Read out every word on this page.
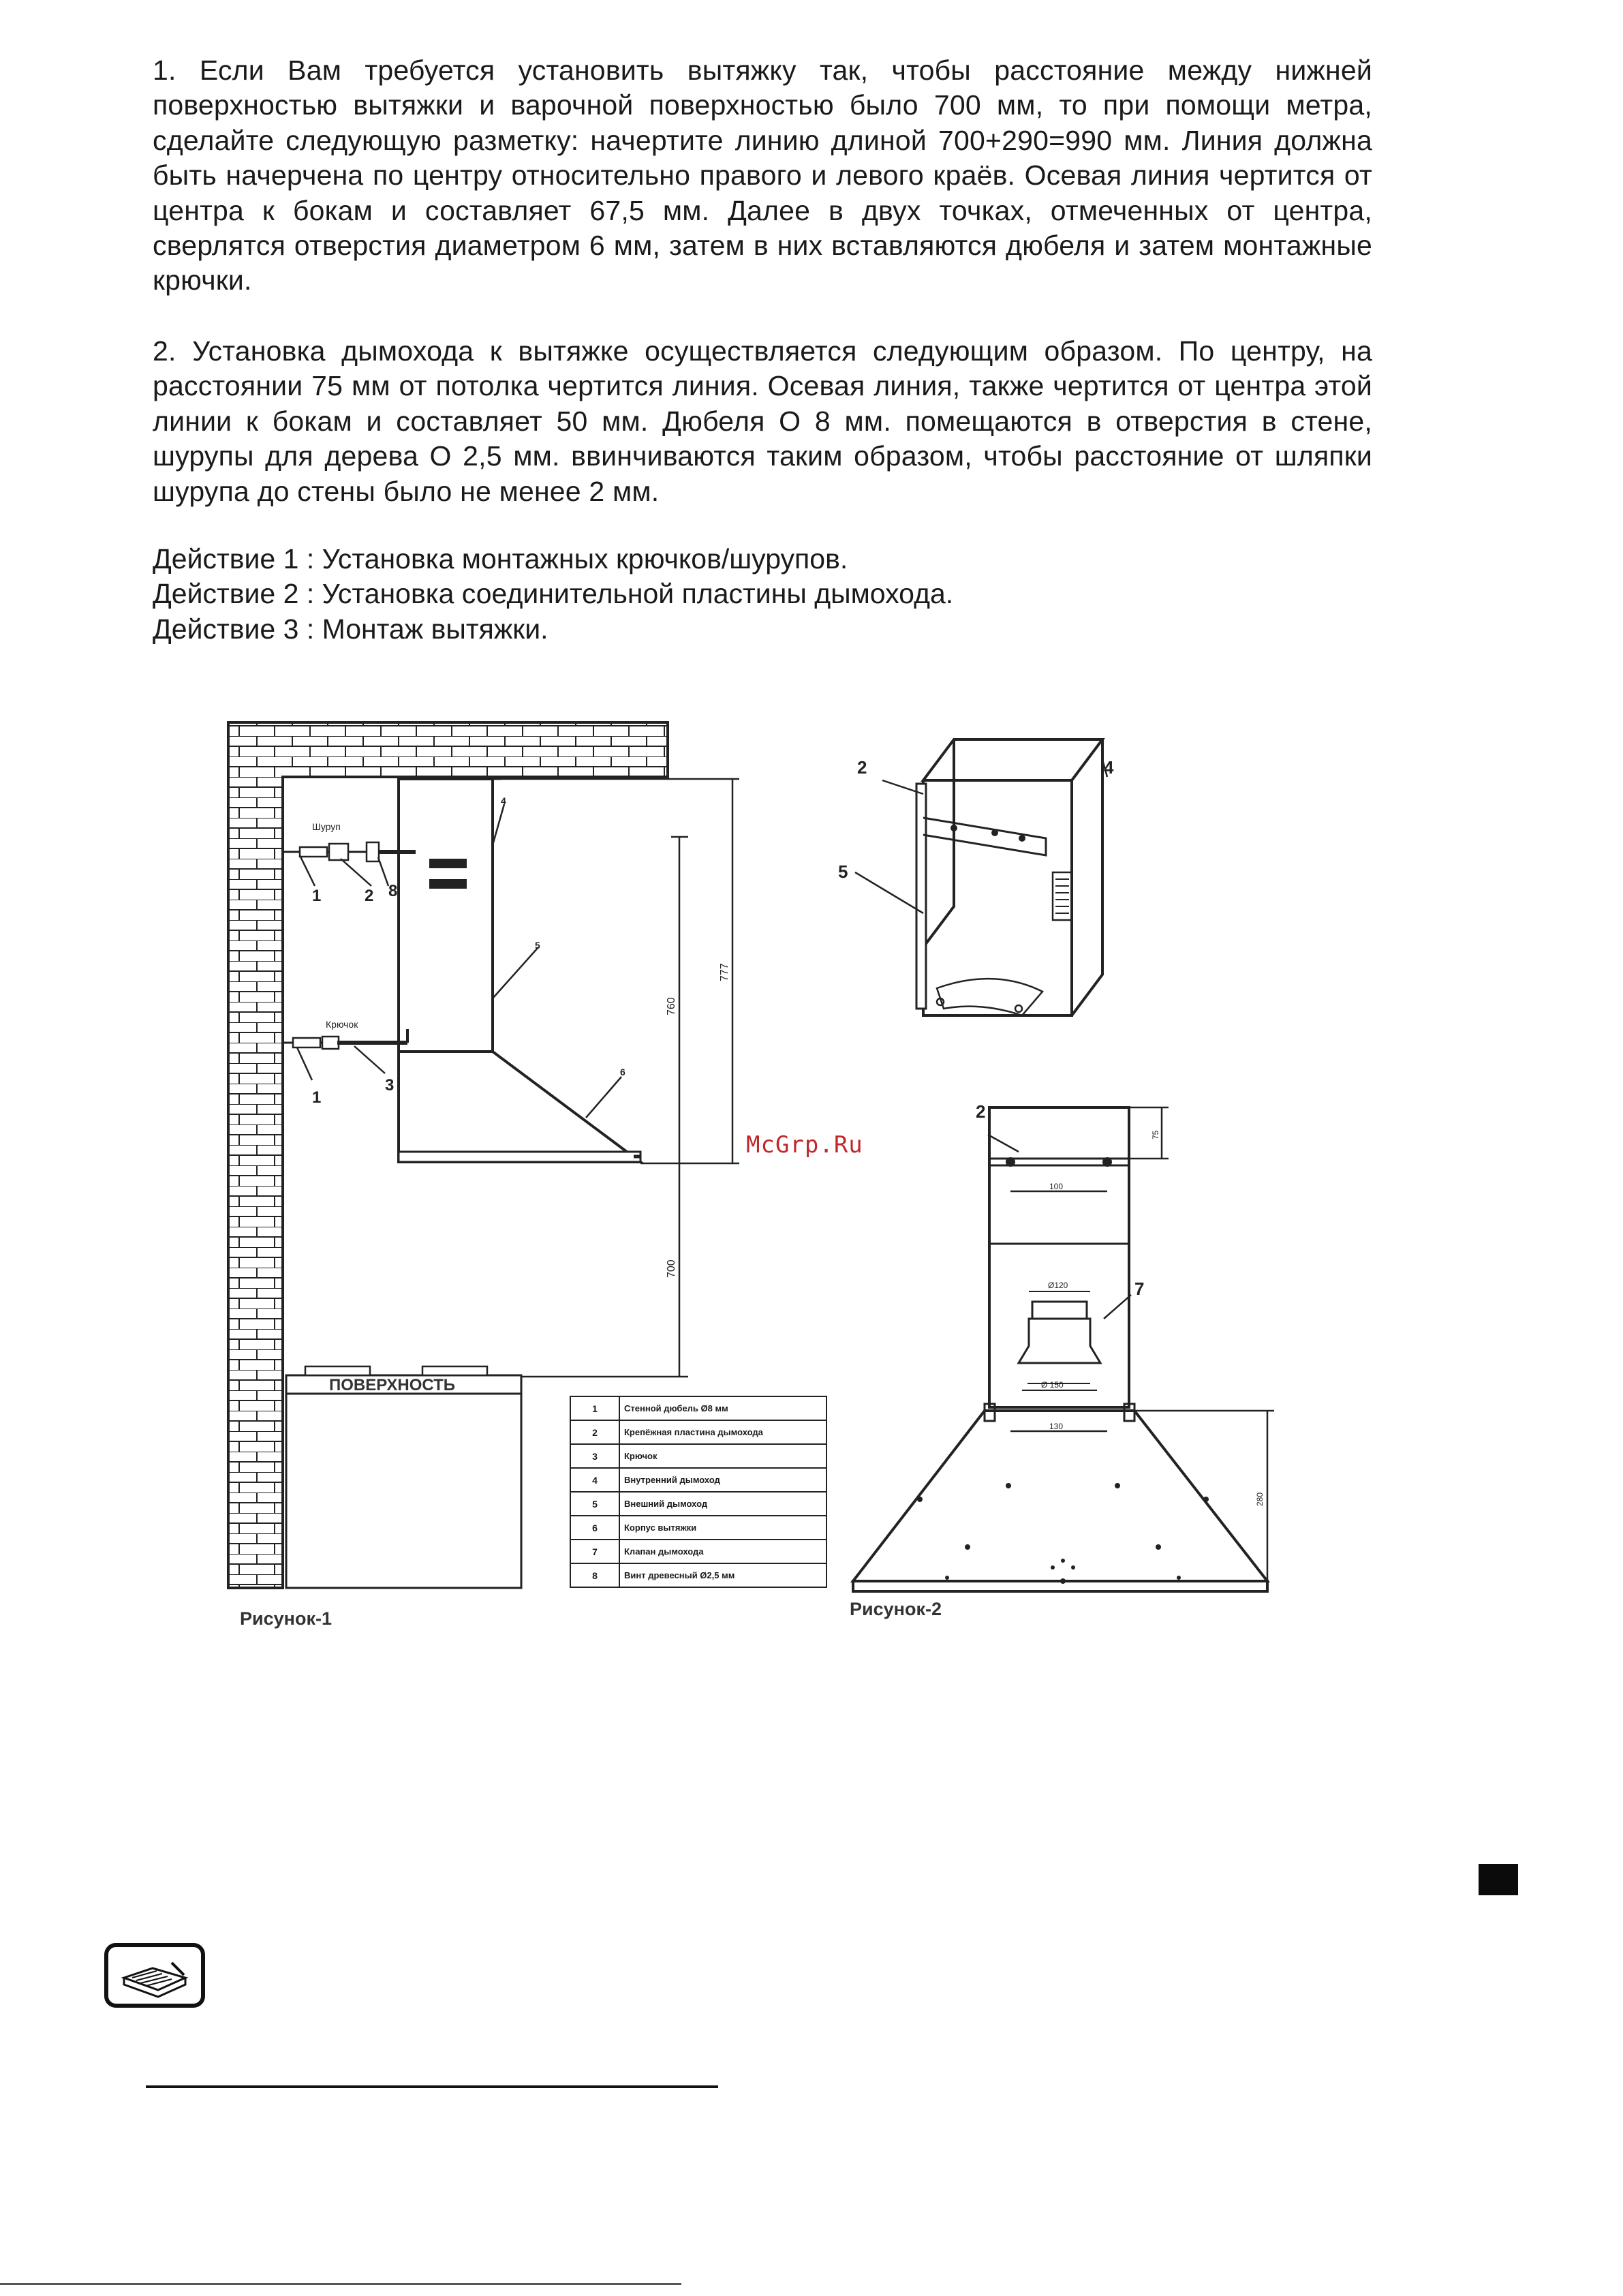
1. Если Вам требуется установить вытяжку так, чтобы расстояние между нижней поверхностью вытяжки и варочной поверхностью было 700 мм, то при помощи метра, сделайте следующую разметку: начертите линию длиной 700+290=990 мм. Линия должна быть начерчена по центру относительно правого и левого краёв. Осевая линия чертится от центра к бокам и составляет 67,5 мм. Далее в двух точках, отмеченных от центра, сверлятся отверстия диаметром 6 мм, затем в них вставляются дюбеля и затем монтажные крючки.

2. Установка дымохода к вытяжке осуществляется следующим образом. По центру, на расстоянии 75 мм от потолка чертится линия. Осевая линия, также чертится от центра этой линии к бокам и составляет 50 мм. Дюбеля О 8 мм. помещаются в отверстия в стене, шурупы для дерева О 2,5 мм. ввинчиваются таким образом, чтобы расстояние от шляпки шурупа до стены было не менее 2 мм.

Действие 1 : Установка монтажных крючков/шурупов.
Действие 2 : Установка соединительной пластины дымохода.
Действие 3 : Монтаж вытяжки.
Шуруп
Крючок
1	2 8
1
3
4
5
6
777
760
700
ПОВЕРХНОСТЬ
2	4
5
2
7
100
Ø120
Ø 150
130
75
280
McGrp.Ru
1	Стенной дюбель Ø8 мм
2	Крепёжная пластина дымохода
3	Крючок
4	Внутренний дымоход
5	Внешний дымоход
6	Корпус вытяжки
7	Клапан дымохода
8	Винт древесный Ø2,5 мм
Рисунок-1	Рисунок-2
